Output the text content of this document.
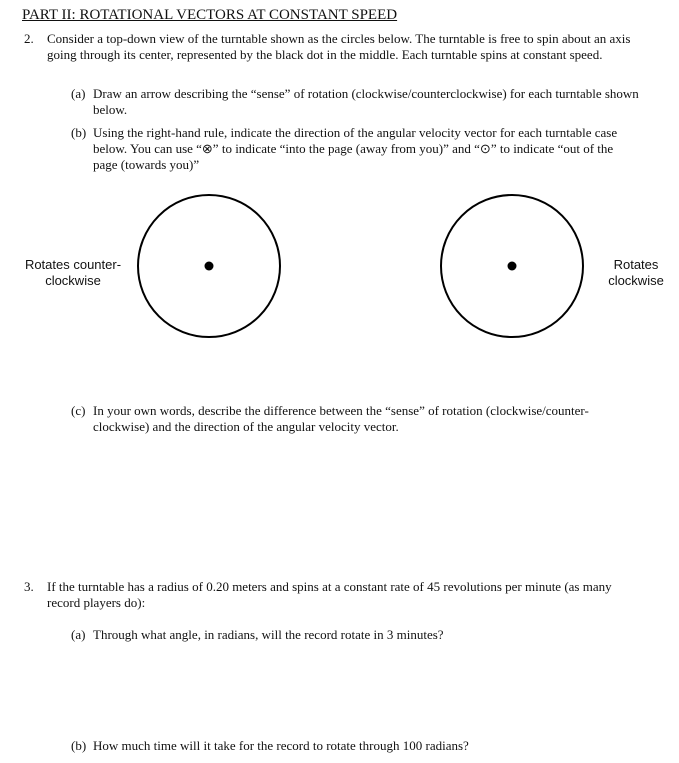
PART II: ROTATIONAL VECTORS AT CONSTANT SPEED
2. Consider a top-down view of the turntable shown as the circles below. The turntable is free to spin about an axis going through its center, represented by the black dot in the middle. Each turntable spins at constant speed.
(a) Draw an arrow describing the “sense” of rotation (clockwise/counterclockwise) for each turntable shown below.
(b) Using the right-hand rule, indicate the direction of the angular velocity vector for each turntable case below. You can use “⊗” to indicate “into the page (away from you)” and “⊙” to indicate “out of the page (towards you)”
Rotates counter-
clockwise
Rotates
clockwise
(c) In your own words, describe the difference between the “sense” of rotation (clockwise/counter-clockwise) and the direction of the angular velocity vector.
3. If the turntable has a radius of 0.20 meters and spins at a constant rate of 45 revolutions per minute (as many record players do):
(a) Through what angle, in radians, will the record rotate in 3 minutes?
(b) How much time will it take for the record to rotate through 100 radians?
